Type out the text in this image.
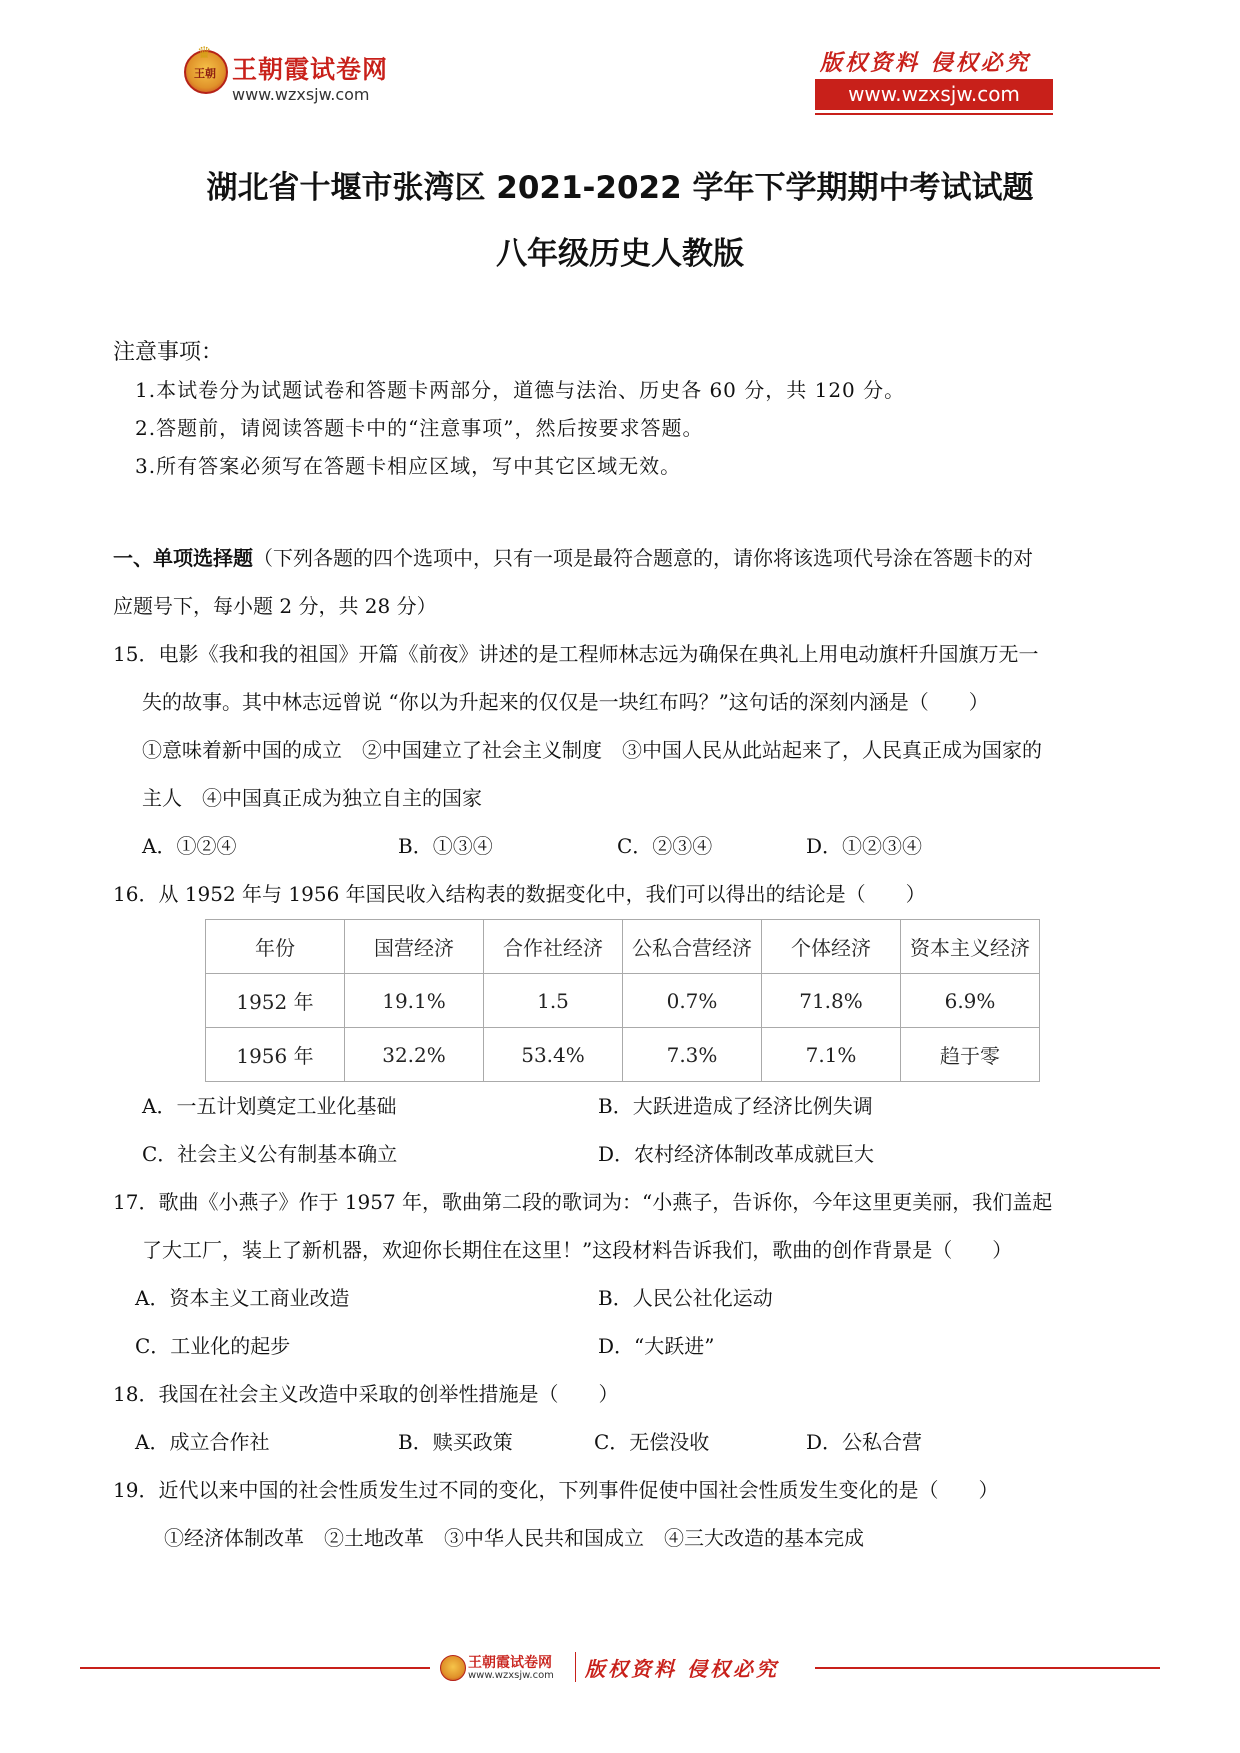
♛
王朝 王朝霞试卷网
www.wzxsjw.com
版权资料 侵权必究
www.wzxsjw.com
湖北省十堰市张湾区 2021-2022 学年下学期期中考试试题
八年级历史人教版
注意事项：
1.本试卷分为试题试卷和答题卡两部分，道德与法治、历史各 60 分，共 120 分。
2.答题前，请阅读答题卡中的“注意事项”，然后按要求答题。
3.所有答案必须写在答题卡相应区域，写中其它区域无效。
一、单项选择题（下列各题的四个选项中，只有一项是最符合题意的，请你将该选项代号涂在答题卡的对
应题号下，每小题 2 分，共 28 分）
15．电影《我和我的祖国》开篇《前夜》讲述的是工程师林志远为确保在典礼上用电动旗杆升国旗万无一
失的故事。其中林志远曾说 “你以为升起来的仅仅是一块红布吗？”这句话的深刻内涵是（　　）
①意味着新中国的成立　②中国建立了社会主义制度　③中国人民从此站起来了，人民真正成为国家的
主人　④中国真正成为独立自主的国家
A．①②④	B．①③④	C．②③④	D．①②③④
16．从 1952 年与 1956 年国民收入结构表的数据变化中，我们可以得出的结论是（　　）
年份	国营经济	合作社经济	公私合营经济	个体经济	资本主义经济
1952 年	19.1%	1.5	0.7%	71.8%	6.9%
1956 年	32.2%	53.4%	7.3%	7.1%	趋于零
A．一五计划奠定工业化基础	B．大跃进造成了经济比例失调
C．社会主义公有制基本确立	D．农村经济体制改革成就巨大
17．歌曲《小燕子》作于 1957 年，歌曲第二段的歌词为：“小燕子，告诉你，今年这里更美丽，我们盖起
了大工厂，装上了新机器，欢迎你长期住在这里！”这段材料告诉我们，歌曲的创作背景是（　　）
A．资本主义工商业改造	B．人民公社化运动
C．工业化的起步	D．“大跃进”
18．我国在社会主义改造中采取的创举性措施是（　　）
A．成立合作社	B．赎买政策	C．无偿没收	D．公私合营
19．近代以来中国的社会性质发生过不同的变化，下列事件促使中国社会性质发生变化的是（　　）
①经济体制改革　②土地改革　③中华人民共和国成立　④三大改造的基本完成
王朝霞试卷网
www.wzxsjw.com 版权资料 侵权必究
